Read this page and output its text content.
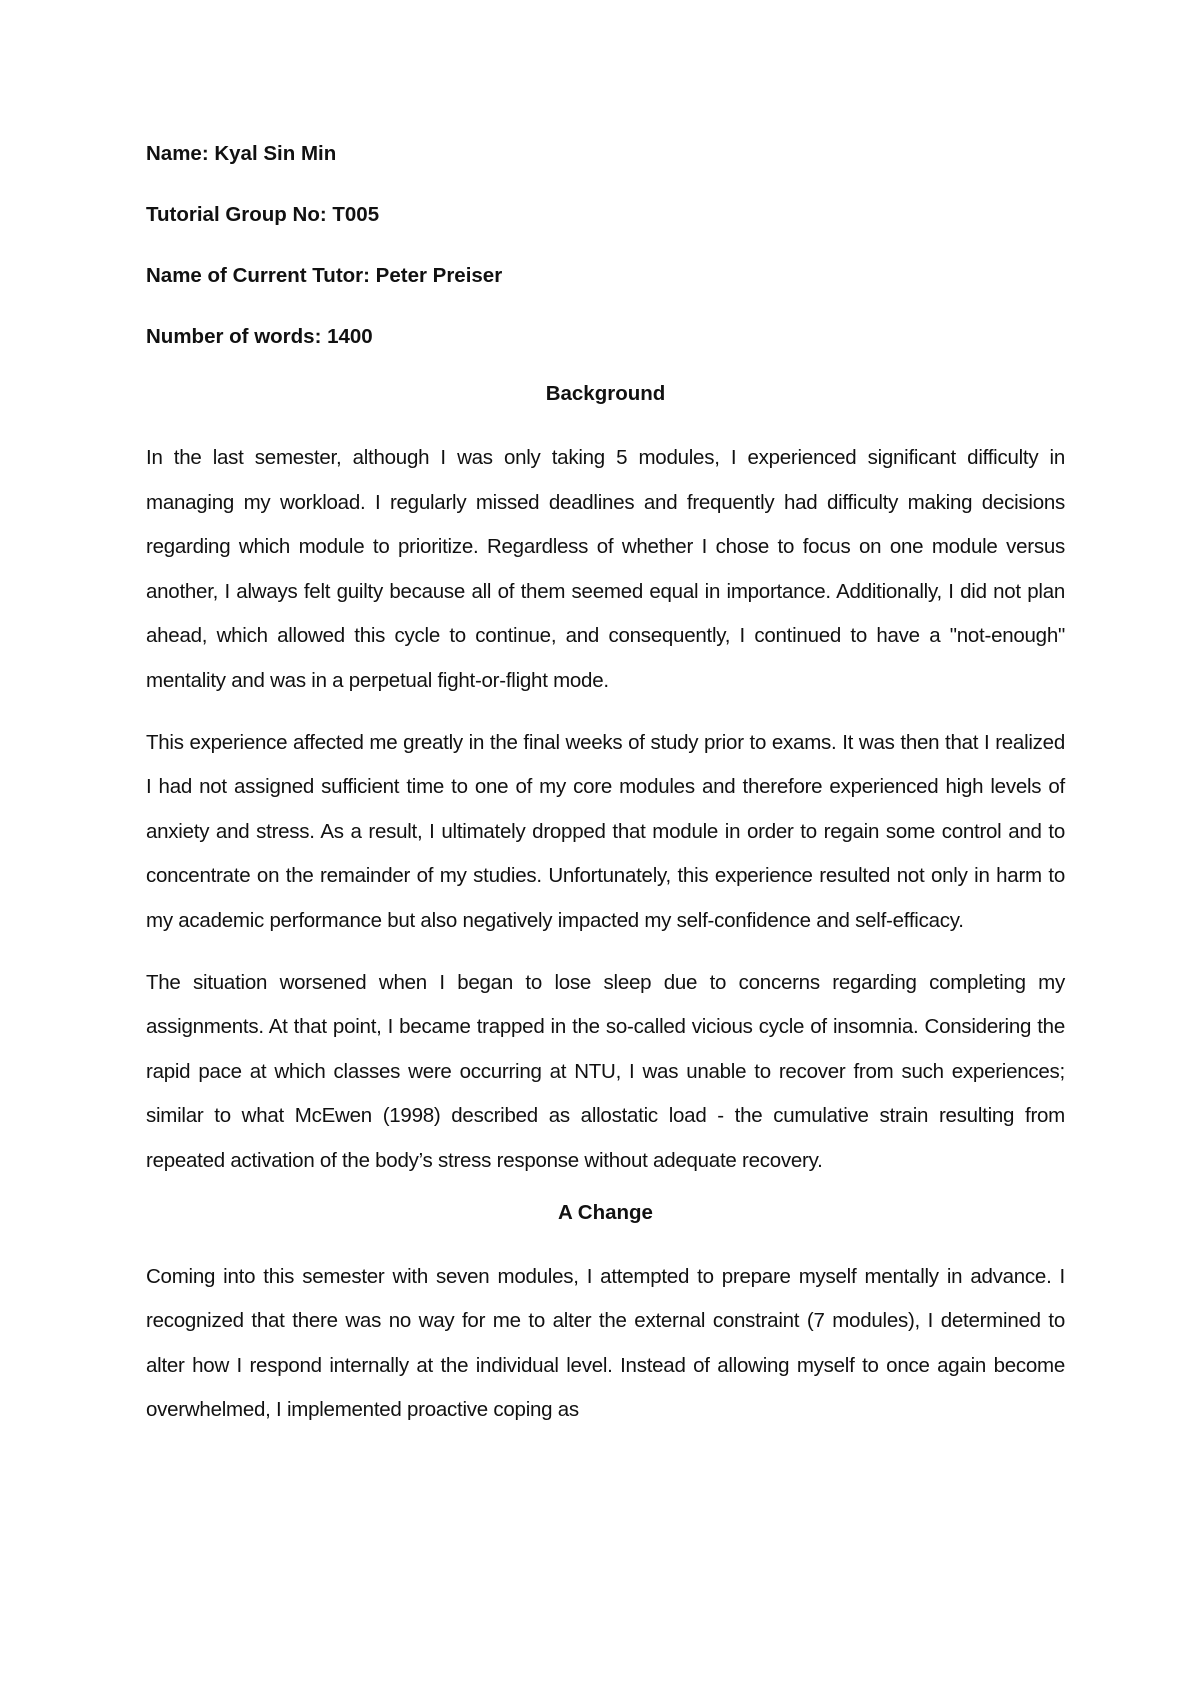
Name: Kyal Sin Min
Tutorial Group No: T005
Name of Current Tutor: Peter Preiser
Number of words: 1400
Background

In the last semester, although I was only taking 5 modules, I experienced significant difficulty in managing my workload. I regularly missed deadlines and frequently had difficulty making decisions regarding which module to prioritize. Regardless of whether I chose to focus on one module versus another, I always felt guilty because all of them seemed equal in importance. Additionally, I did not plan ahead, which allowed this cycle to continue, and consequently, I continued to have a "not-enough" mentality and was in a perpetual fight-or-flight mode.

This experience affected me greatly in the final weeks of study prior to exams. It was then that I realized I had not assigned sufficient time to one of my core modules and therefore experienced high levels of anxiety and stress. As a result, I ultimately dropped that module in order to regain some control and to concentrate on the remainder of my studies. Unfortunately, this experience resulted not only in harm to my academic performance but also negatively impacted my self-confidence and self-efficacy.

The situation worsened when I began to lose sleep due to concerns regarding completing my assignments. At that point, I became trapped in the so-called vicious cycle of insomnia. Considering the rapid pace at which classes were occurring at NTU, I was unable to recover from such experiences; similar to what McEwen (1998) described as allostatic load - the cumulative strain resulting from repeated activation of the body’s stress response without adequate recovery.

A Change

Coming into this semester with seven modules, I attempted to prepare myself mentally in advance. I recognized that there was no way for me to alter the external constraint (7 modules), I determined to alter how I respond internally at the individual level. Instead of allowing myself to once again become overwhelmed, I implemented proactive coping as
